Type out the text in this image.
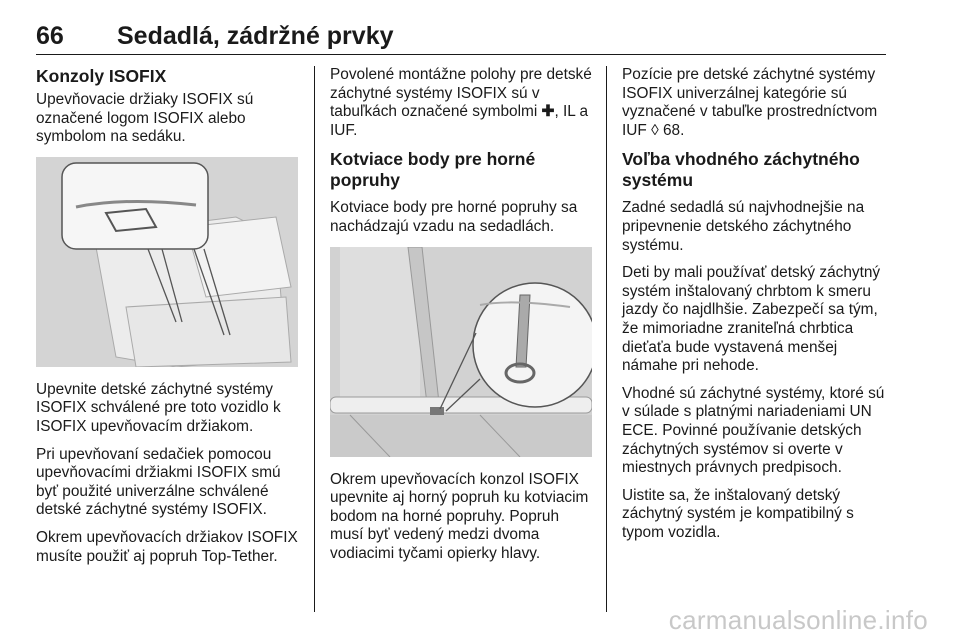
66 Sedadlá, zádržné prvky
Konzoly ISOFIX

Upevňovacie držiaky ISOFIX sú označené logom ISOFIX alebo symbolom na sedáku.

Upevnite detské záchytné systémy ISOFIX schválené pre toto vozidlo k ISOFIX upevňovacím držiakom.

Pri upevňovaní sedačiek pomocou upevňovacími držiakmi ISOFIX smú byť použité univerzálne schválené detské záchytné systémy ISOFIX.

Okrem upevňovacích držiakov ISOFIX musíte použiť aj popruh Top-Tether.

Povolené montážne polohy pre detské záchytné systémy ISOFIX sú v tabuľkách označené symbolmi ✚, IL a IUF.

Kotviace body pre horné popruhy

Kotviace body pre horné popruhy sa nachádzajú vzadu na sedadlách.

Okrem upevňovacích konzol ISOFIX upevnite aj horný popruh ku kotviacim bodom na horné popruhy. Popruh musí byť vedený medzi dvoma vodiacimi tyčami opierky hlavy.

Pozície pre detské záchytné systémy ISOFIX univerzálnej kategórie sú vyznačené v tabuľke prostredníctvom IUF ◊ 68.

Voľba vhodného záchytného systému

Zadné sedadlá sú najvhodnejšie na pripevnenie detského záchytného systému.

Deti by mali používať detský záchytný systém inštalovaný chrbtom k smeru jazdy čo najdlhšie. Zabezpečí sa tým, že mimoriadne zraniteľná chrbtica dieťaťa bude vystavená menšej námahe pri nehode.

Vhodné sú záchytné systémy, ktoré sú v súlade s platnými nariadeniami UN ECE. Povinné používanie detských záchytných systémov si overte v miestnych právnych predpisoch.

Uistite sa, že inštalovaný detský záchytný systém je kompatibilný s typom vozidla.

carmanualsonline.info
